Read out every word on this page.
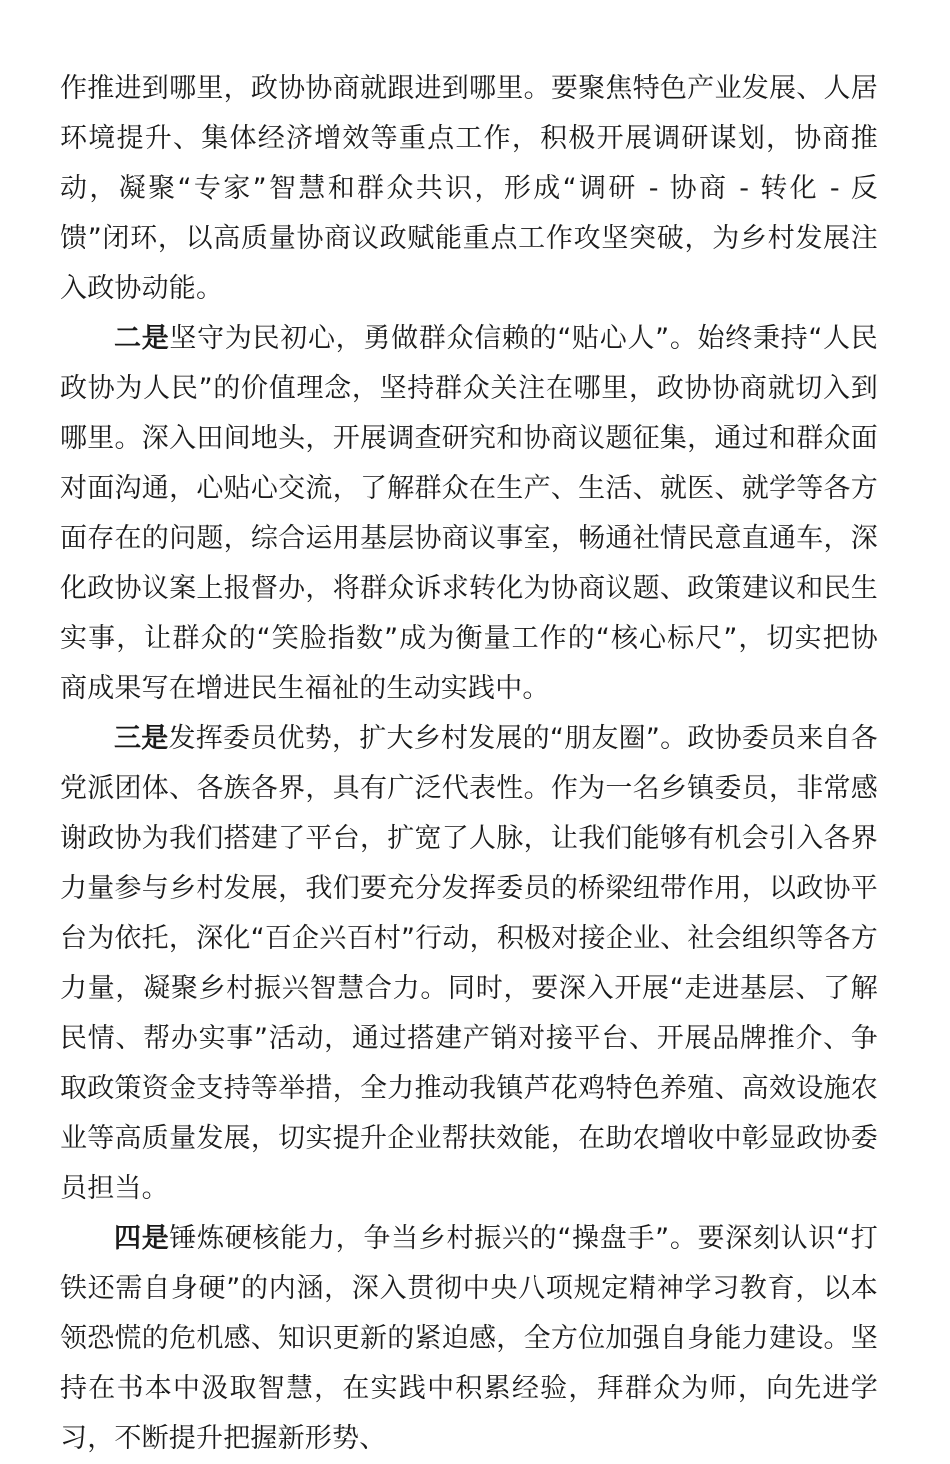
作推进到哪里，政协协商就跟进到哪里。要聚焦特色产业发展、人居环境提升、集体经济增效等重点工作，积极开展调研谋划，协商推动，凝聚“专家”智慧和群众共识，形成“调研 - 协商 - 转化 - 反馈”闭环，以高质量协商议政赋能重点工作攻坚突破，为乡村发展注入政协动能。

二是坚守为民初心，勇做群众信赖的“贴心人”。始终秉持“人民政协为人民”的价值理念，坚持群众关注在哪里，政协协商就切入到哪里。深入田间地头，开展调查研究和协商议题征集，通过和群众面对面沟通，心贴心交流，了解群众在生产、生活、就医、就学等各方面存在的问题，综合运用基层协商议事室，畅通社情民意直通车，深化政协议案上报督办，将群众诉求转化为协商议题、政策建议和民生实事，让群众的“笑脸指数”成为衡量工作的“核心标尺”，切实把协商成果写在增进民生福祉的生动实践中。

三是发挥委员优势，扩大乡村发展的“朋友圈”。政协委员来自各党派团体、各族各界，具有广泛代表性。作为一名乡镇委员，非常感谢政协为我们搭建了平台，扩宽了人脉，让我们能够有机会引入各界力量参与乡村发展，我们要充分发挥委员的桥梁纽带作用，以政协平台为依托，深化“百企兴百村”行动，积极对接企业、社会组织等各方力量，凝聚乡村振兴智慧合力。同时，要深入开展“走进基层、了解民情、帮办实事”活动，通过搭建产销对接平台、开展品牌推介、争取政策资金支持等举措，全力推动我镇芦花鸡特色养殖、高效设施农业等高质量发展，切实提升企业帮扶效能，在助农增收中彰显政协委员担当。

四是锤炼硬核能力，争当乡村振兴的“操盘手”。要深刻认识“打铁还需自身硬”的内涵，深入贯彻中央八项规定精神学习教育，以本领恐慌的危机感、知识更新的紧迫感，全方位加强自身能力建设。坚持在书本中汲取智慧，在实践中积累经验，拜群众为师，向先进学习，不断提升把握新形势、
